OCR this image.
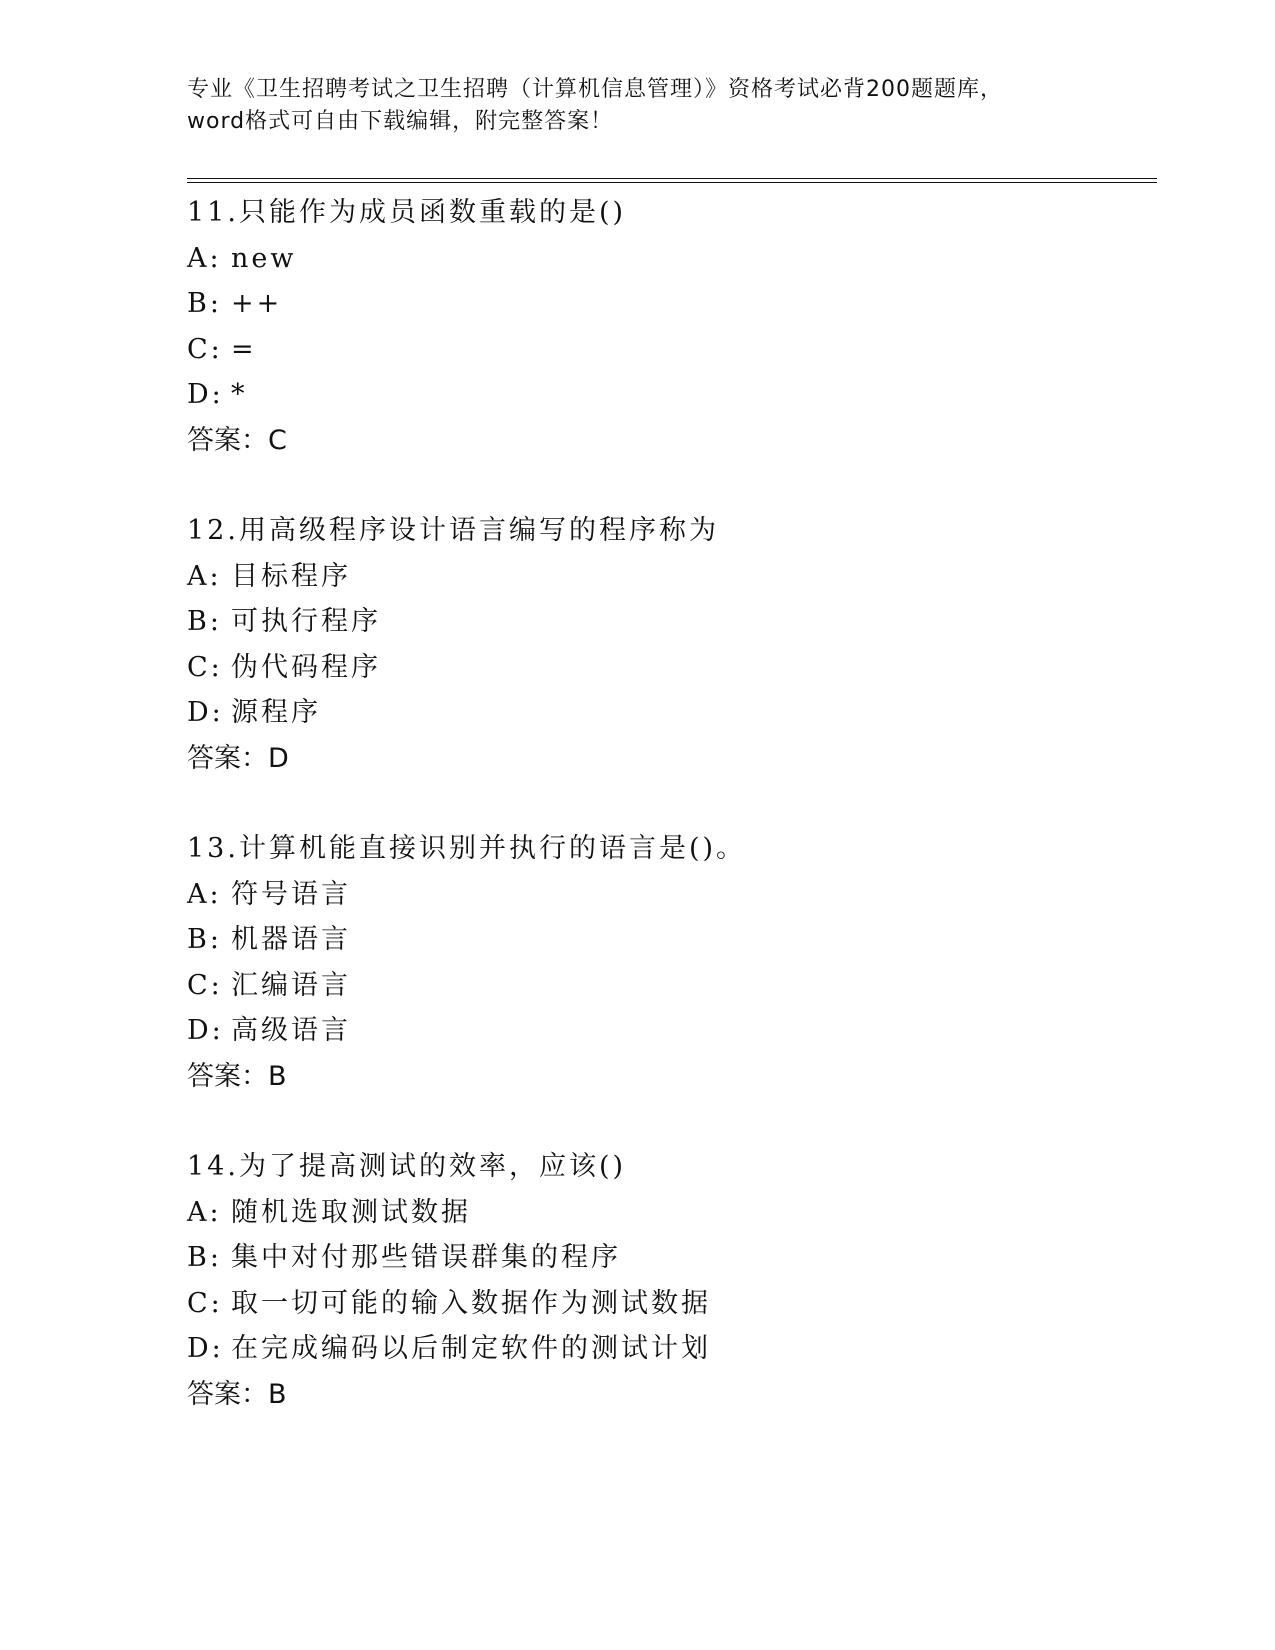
专业《卫生招聘考试之卫生招聘（计算机信息管理）》资格考试必背200题题库，
word格式可自由下载编辑，附完整答案！
11.只能作为成员函数重载的是()
A: new
B: ++
C: =
D: *
答案：C
12.用高级程序设计语言编写的程序称为
A: 目标程序
B: 可执行程序
C: 伪代码程序
D: 源程序
答案：D
13.计算机能直接识别并执行的语言是()。
A: 符号语言
B: 机器语言
C: 汇编语言
D: 高级语言
答案：B
14.为了提高测试的效率，应该()
A: 随机选取测试数据
B: 集中对付那些错误群集的程序
C: 取一切可能的输入数据作为测试数据
D: 在完成编码以后制定软件的测试计划
答案：B
